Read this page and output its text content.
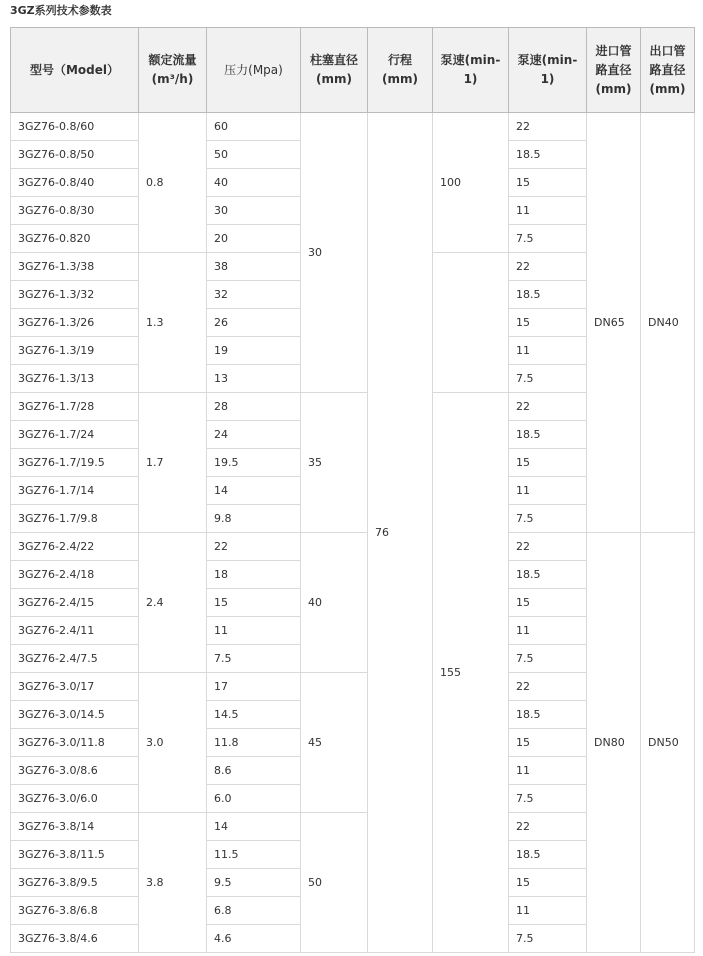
3GZ系列技术参数表
型号（Model）	额定流量(m³/h)	压力(Mpa)	柱塞直径(mm)	行程(mm)	泵速(min-1)	泵速(min-1)	进口管路直径(mm)	出口管路直径(mm)
3GZ76-0.8/60	0.8	60	30	76	100	22	DN65	DN40
3GZ76-0.8/50		50				18.5		
3GZ76-0.8/40		40				15		
3GZ76-0.8/30		30				11		
3GZ76-0.820		20				7.5		
3GZ76-1.3/38	1.3	38				22		
3GZ76-1.3/32		32				18.5		
3GZ76-1.3/26		26				15		
3GZ76-1.3/19		19				11		
3GZ76-1.3/13		13				7.5		
3GZ76-1.7/28	1.7	28	35		155	22		
3GZ76-1.7/24		24				18.5		
3GZ76-1.7/19.5		19.5				15		
3GZ76-1.7/14		14				11		
3GZ76-1.7/9.8		9.8				7.5		
3GZ76-2.4/22	2.4	22	40			22	DN80	DN50
3GZ76-2.4/18		18				18.5		
3GZ76-2.4/15		15				15		
3GZ76-2.4/11		11				11		
3GZ76-2.4/7.5		7.5				7.5		
3GZ76-3.0/17	3.0	17	45			22		
3GZ76-3.0/14.5		14.5				18.5		
3GZ76-3.0/11.8		11.8				15		
3GZ76-3.0/8.6		8.6				11		
3GZ76-3.0/6.0		6.0				7.5		
3GZ76-3.8/14	3.8	14	50			22		
3GZ76-3.8/11.5		11.5				18.5		
3GZ76-3.8/9.5		9.5				15		
3GZ76-3.8/6.8		6.8				11		
3GZ76-3.8/4.6		4.6				7.5		
